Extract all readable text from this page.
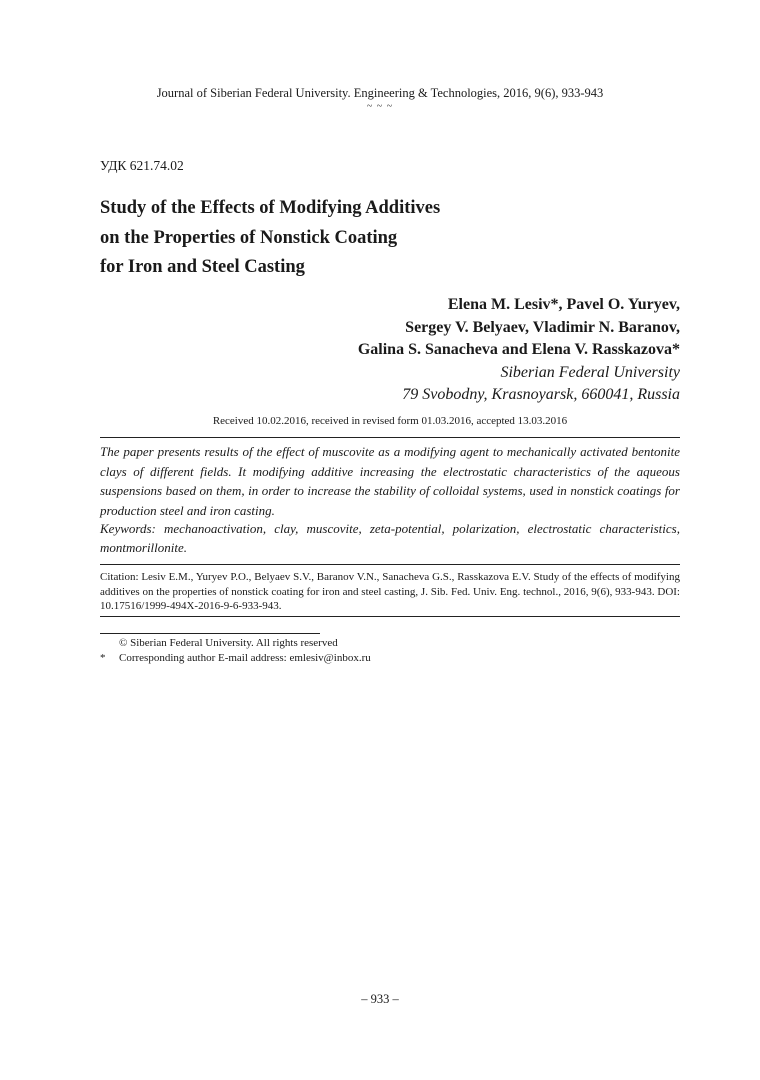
Journal of Siberian Federal University. Engineering & Technologies, 2016, 9(6), 933-943
~ ~ ~
УДК 621.74.02
Study of the Effects of Modifying Additives
on the Properties of Nonstick Coating
for Iron and Steel Casting
Elena M. Lesiv*, Pavel O. Yuryev,
Sergey V. Belyaev, Vladimir N. Baranov,
Galina S. Sanacheva and Elena V. Rasskazova*
Siberian Federal University
79 Svobodny, Krasnoyarsk, 660041, Russia
Received 10.02.2016, received in revised form 01.03.2016, accepted 13.03.2016
The paper presents results of the effect of muscovite as a modifying agent to mechanically activated bentonite clays of different fields. It modifying additive increasing the electrostatic characteristics of the aqueous suspensions based on them, in order to increase the stability of colloidal systems, used in nonstick coatings for production steel and iron casting.
Keywords: mechanoactivation, clay, muscovite, zeta-potential, polarization, electrostatic characteristics, montmorillonite.
Citation: Lesiv E.M., Yuryev P.O., Belyaev S.V., Baranov V.N., Sanacheva G.S., Rasskazova E.V. Study of the effects of modifying additives on the properties of nonstick coating for iron and steel casting, J. Sib. Fed. Univ. Eng. technol., 2016, 9(6), 933-943. DOI: 10.17516/1999-494X-2016-9-6-933-943.
© Siberian Federal University. All rights reserved
* Corresponding author E-mail address: emlesiv@inbox.ru
– 933 –
